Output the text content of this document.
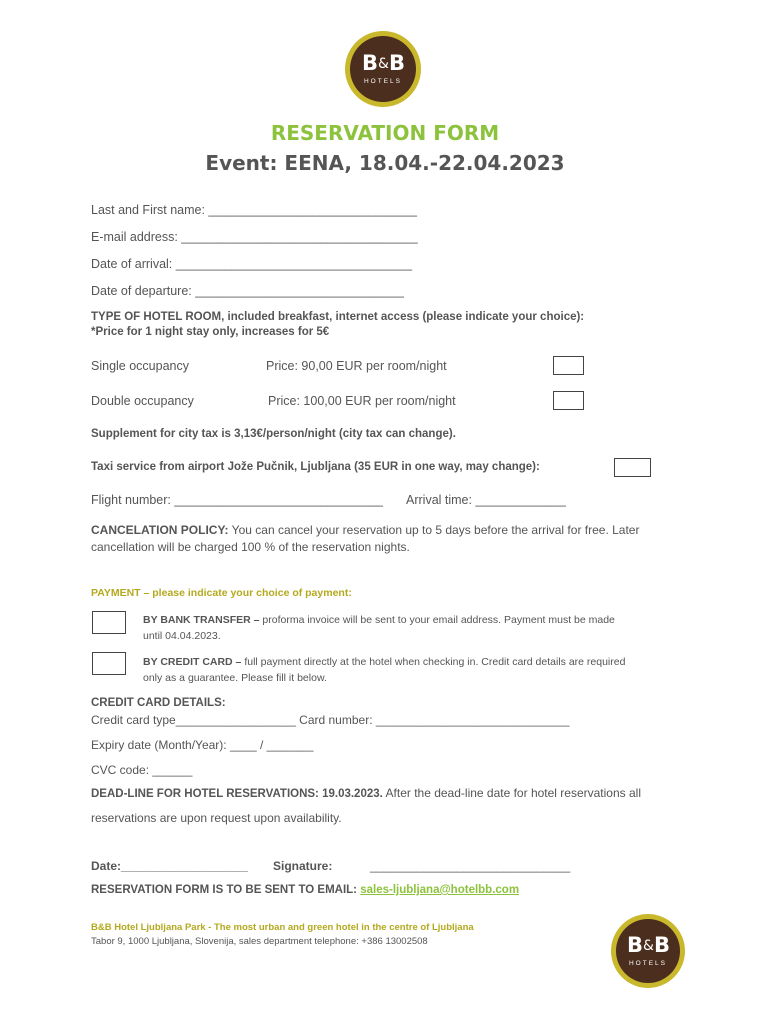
B&B
HOTELS
RESERVATION FORM
Event: EENA, 18.04.-22.04.2023
Last and First name: ______________________________
E-mail address: __________________________________
Date of arrival: __________________________________
Date of departure: ______________________________
TYPE OF HOTEL ROOM, included breakfast, internet access (please indicate your choice):
*Price for 1 night stay only, increases for 5€
Single occupancy	Price: 90,00 EUR per room/night
Double occupancy	Price: 100,00 EUR per room/night
Supplement for city tax is 3,13€/person/night (city tax can change).
Taxi service from airport Jože Pučnik, Ljubljana (35 EUR in one way, may change):
Flight number: ______________________________ Arrival time: _____________
CANCELATION POLICY: You can cancel your reservation up to 5 days before the arrival for free. Later
cancellation will be charged 100 % of the reservation nights.
PAYMENT – please indicate your choice of payment:
BY BANK TRANSFER – proforma invoice will be sent to your email address. Payment must be made
until 04.04.2023.
BY CREDIT CARD – full payment directly at the hotel when checking in. Credit card details are required
only as a guarantee. Please fill it below.
CREDIT CARD DETAILS:
Credit card type__________________ Card number: _____________________________
Expiry date (Month/Year): ____ / _______
CVC code: ______
DEAD-LINE FOR HOTEL RESERVATIONS: 19.03.2023. After the dead-line date for hotel reservations all
reservations are upon request upon availability.
Date:___________________ Signature:	______________________________
RESERVATION FORM IS TO BE SENT TO EMAIL: sales-ljubljana@hotelbb.com
B&B Hotel Ljubljana Park - The most urban and green hotel in the centre of Ljubljana
Tabor 9, 1000 Ljubljana, Slovenija, sales department telephone: +386 13002508	B&B
HOTELS
